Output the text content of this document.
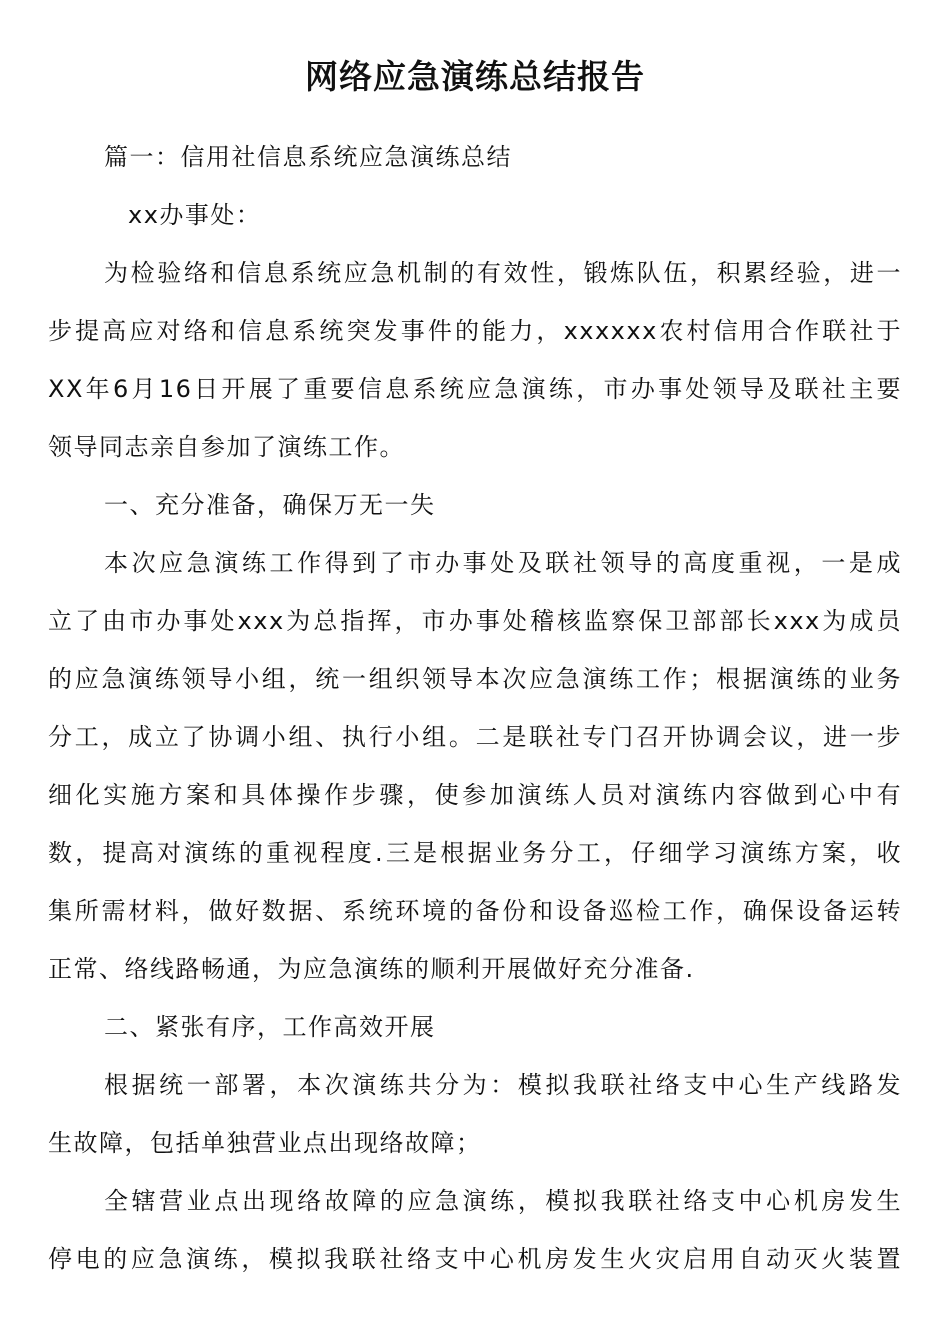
网络应急演练总结报告

篇一：信用社信息系统应急演练总结

xx办事处：

为检验络和信息系统应急机制的有效性，锻炼队伍，积累经验，进一

步提高应对络和信息系统突发事件的能力，xxxxxx农村信用合作联社于

XX年6月16日开展了重要信息系统应急演练，市办事处领导及联社主要

领导同志亲自参加了演练工作。

一、充分准备，确保万无一失

本次应急演练工作得到了市办事处及联社领导的高度重视，一是成

立了由市办事处xxx为总指挥，市办事处稽核监察保卫部部长xxx为成员

的应急演练领导小组，统一组织领导本次应急演练工作；根据演练的业务

分工，成立了协调小组、执行小组。二是联社专门召开协调会议，进一步

细化实施方案和具体操作步骤，使参加演练人员对演练内容做到心中有

数，提高对演练的重视程度.三是根据业务分工，仔细学习演练方案，收

集所需材料，做好数据、系统环境的备份和设备巡检工作，确保设备运转

正常、络线路畅通，为应急演练的顺利开展做好充分准备.

二、紧张有序，工作高效开展

根据统一部署，本次演练共分为：模拟我联社络支中心生产线路发

生故障，包括单独营业点出现络故障；

全辖营业点出现络故障的应急演练，模拟我联社络支中心机房发生

停电的应急演练，模拟我联社络支中心机房发生火灾启用自动灭火装置
